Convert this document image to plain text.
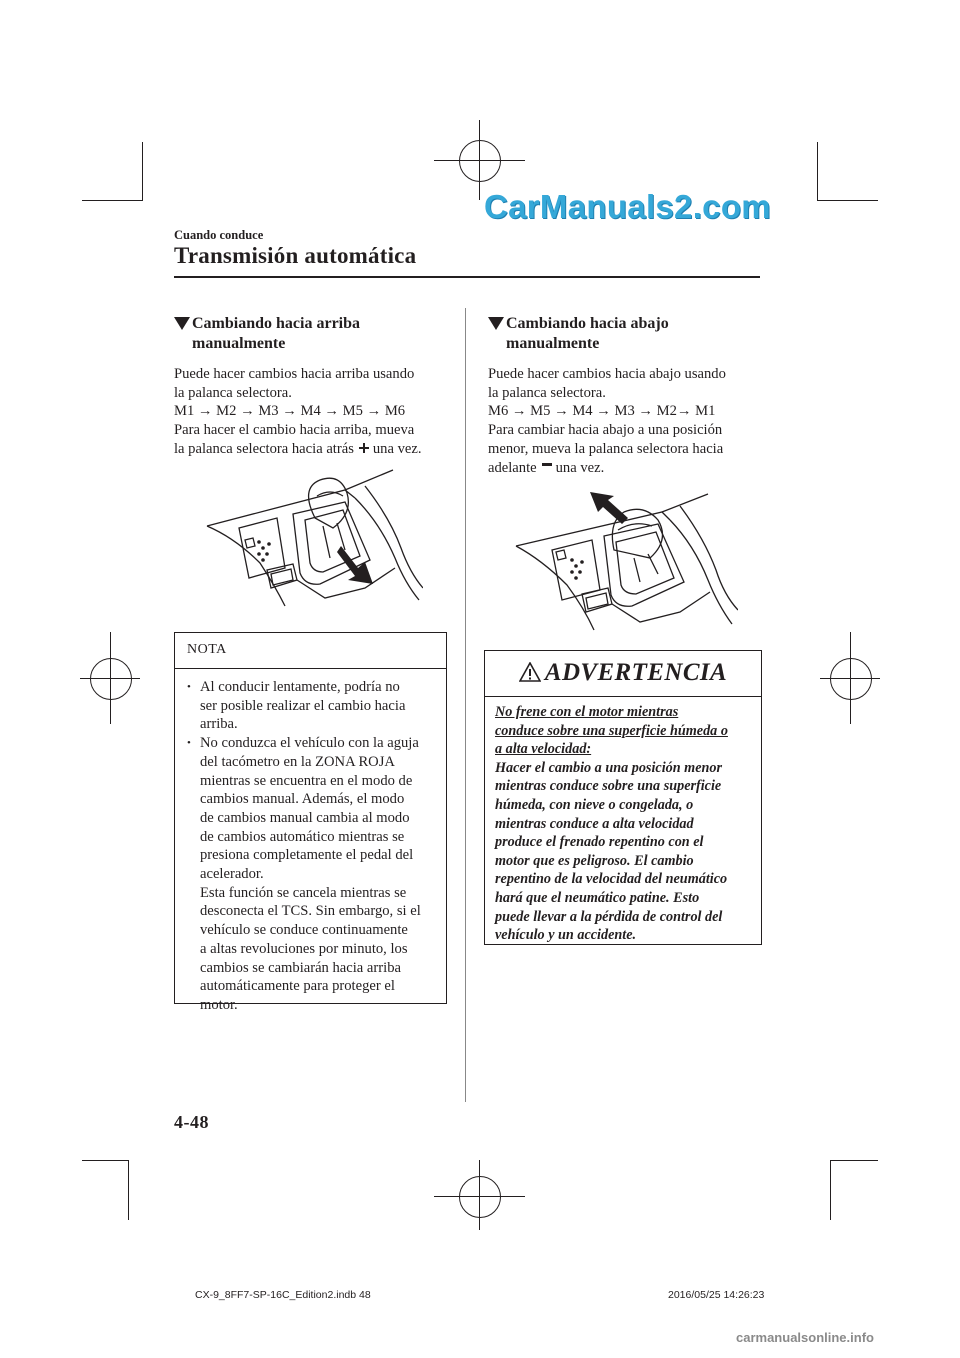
CarManuals2.com
Cuando conduce
Transmisión automática
Cambiando hacia arriba
manualmente

Puede hacer cambios hacia arriba usando

la palanca selectora.

M1 → M2 → M3 → M4 → M5 → M6

Para hacer el cambio hacia arriba, mueva

la palanca selectora hacia atrás una vez.

NOTA
• Al conducir lentamente, podría no
ser posible realizar el cambio hacia
arriba.
• No conduzca el vehículo con la aguja
del tacómetro en la ZONA ROJA
mientras se encuentra en el modo de
cambios manual. Además, el modo
de cambios manual cambia al modo
de cambios automático mientras se
presiona completamente el pedal del
acelerador.
Esta función se cancela mientras se
desconecta el TCS. Sin embargo, si el
vehículo se conduce continuamente
a altas revoluciones por minuto, los
cambios se cambiarán hacia arriba
automáticamente para proteger el
motor.
Cambiando hacia abajo
manualmente

Puede hacer cambios hacia abajo usando

la palanca selectora.

M6 → M5 → M4 → M3 → M2→ M1

Para cambiar hacia abajo a una posición

menor, mueva la palanca selectora hacia

adelante una vez.

ADVERTENCIA
No frene con el motor mientras
conduce sobre una superficie húmeda o
a alta velocidad:
Hacer el cambio a una posición menor
mientras conduce sobre una superficie
húmeda, con nieve o congelada, o
mientras conduce a alta velocidad
produce el frenado repentino con el
motor que es peligroso. El cambio
repentino de la velocidad del neumático
hará que el neumático patine. Esto
puede llevar a la pérdida de control del
vehículo y un accidente.
4-48
CX-9_8FF7-SP-16C_Edition2.indb 48	2016/05/25 14:26:23
carmanualsonline.info
